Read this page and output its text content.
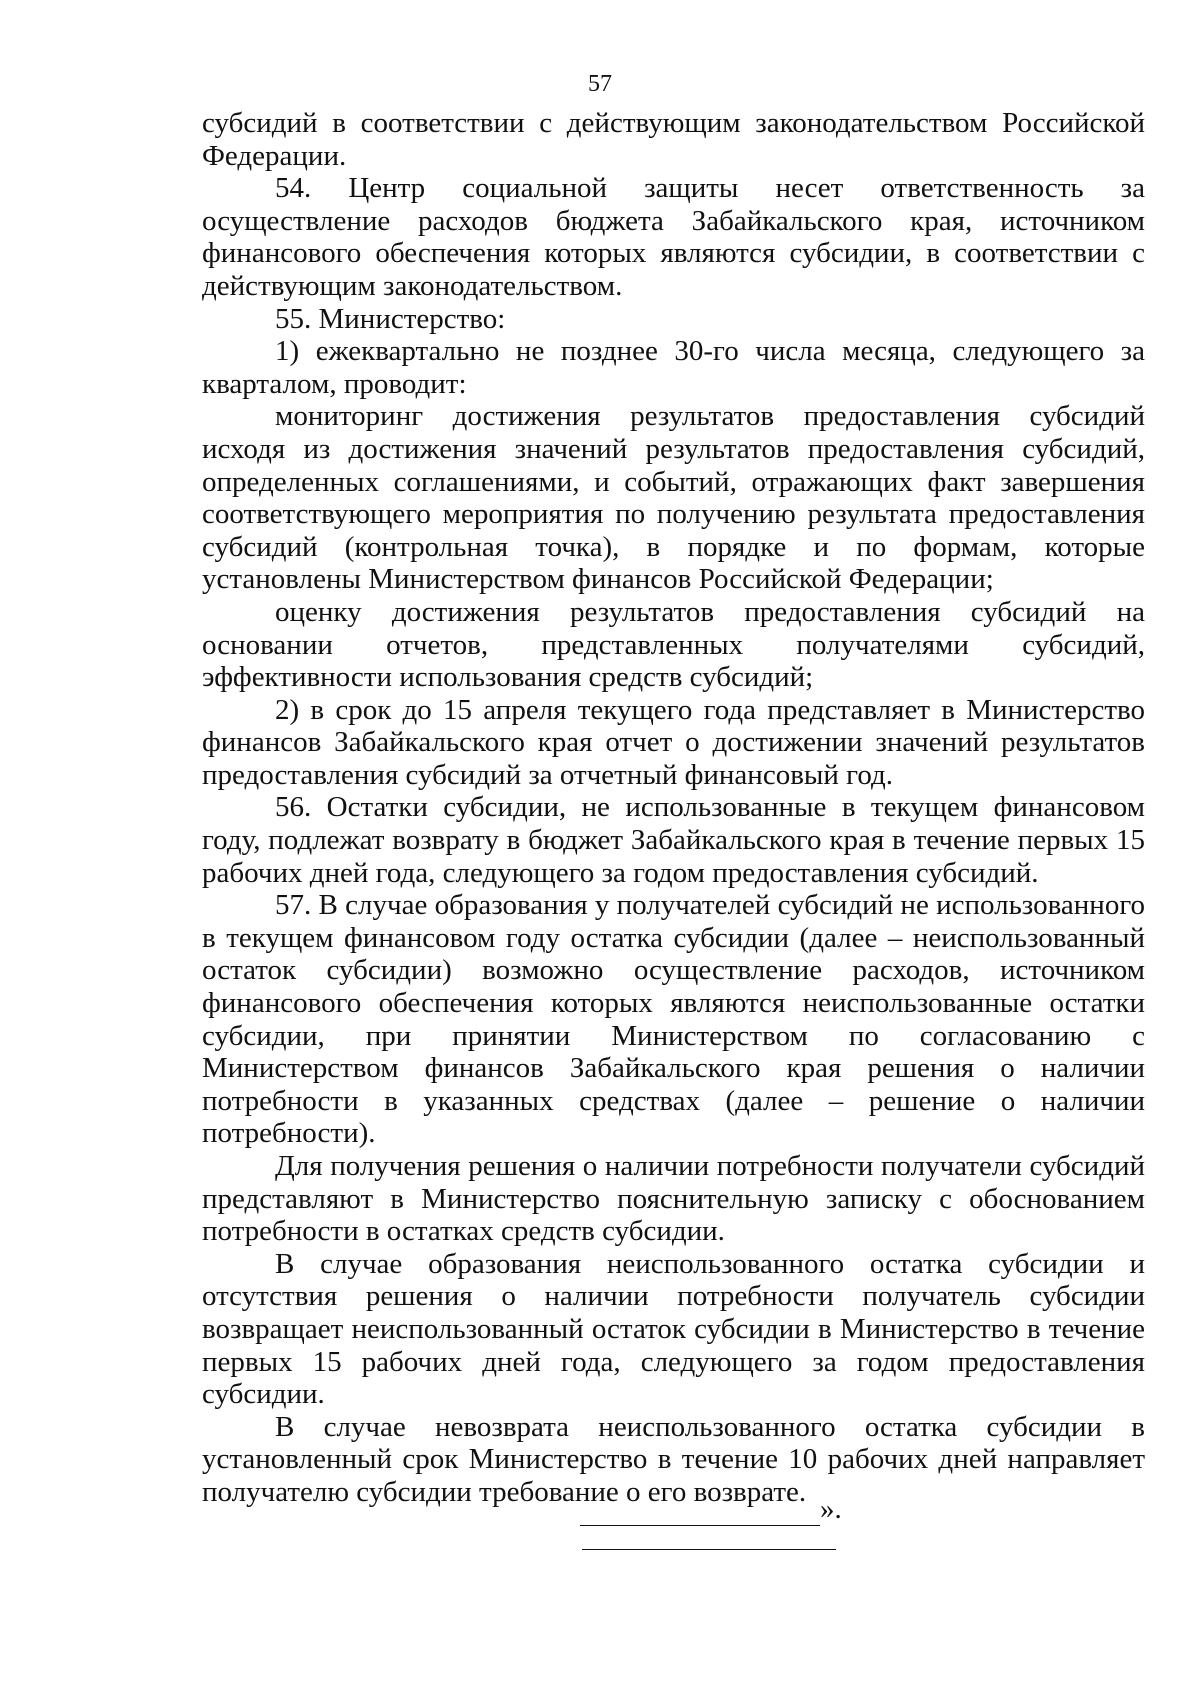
57

субсидий в соответствии с действующим законодательством Российской Федерации.

54. Центр социальной защиты несет ответственность за осуществление расходов бюджета Забайкальского края, источником финансового обеспечения которых являются субсидии, в соответствии с действующим законодательством.

55. Министерство:

1) ежеквартально не позднее 30-го числа месяца, следующего за кварталом, проводит:

мониторинг достижения результатов предоставления субсидий исходя из достижения значений результатов предоставления субсидий, определенных соглашениями, и событий, отражающих факт завершения соответствующего мероприятия по получению результата предоставления субсидий (контрольная точка), в порядке и по формам, которые установлены Министерством финансов Российской Федерации;

оценку достижения результатов предоставления субсидий на основании отчетов, представленных получателями субсидий, эффективности использования средств субсидий;

2) в срок до 15 апреля текущего года представляет в Министерство финансов Забайкальского края отчет о достижении значений результатов предоставления субсидий за отчетный финансовый год.

56. Остатки субсидии, не использованные в текущем финансовом году, подлежат возврату в бюджет Забайкальского края в течение первых 15 рабочих дней года, следующего за годом предоставления субсидий.

57. В случае образования у получателей субсидий не использованного в текущем финансовом году остатка субсидии (далее – неиспользованный остаток субсидии) возможно осуществление расходов, источником финансового обеспечения которых являются неиспользованные остатки субсидии, при принятии Министерством по согласованию с Министерством финансов Забайкальского края решения о наличии потребности в указанных средствах (далее – решение о наличии потребности).

Для получения решения о наличии потребности получатели субсидий представляют в Министерство пояснительную записку с обоснованием потребности в остатках средств субсидии.

В случае образования неиспользованного остатка субсидии и отсутствия решения о наличии потребности получатель субсидии возвращает неиспользованный остаток субсидии в Министерство в течение первых 15 рабочих дней года, следующего за годом предоставления субсидии.

В случае невозврата неиспользованного остатка субсидии в установленный срок Министерство в течение 10 рабочих дней направляет получателю субсидии требование о его возврате.

».
